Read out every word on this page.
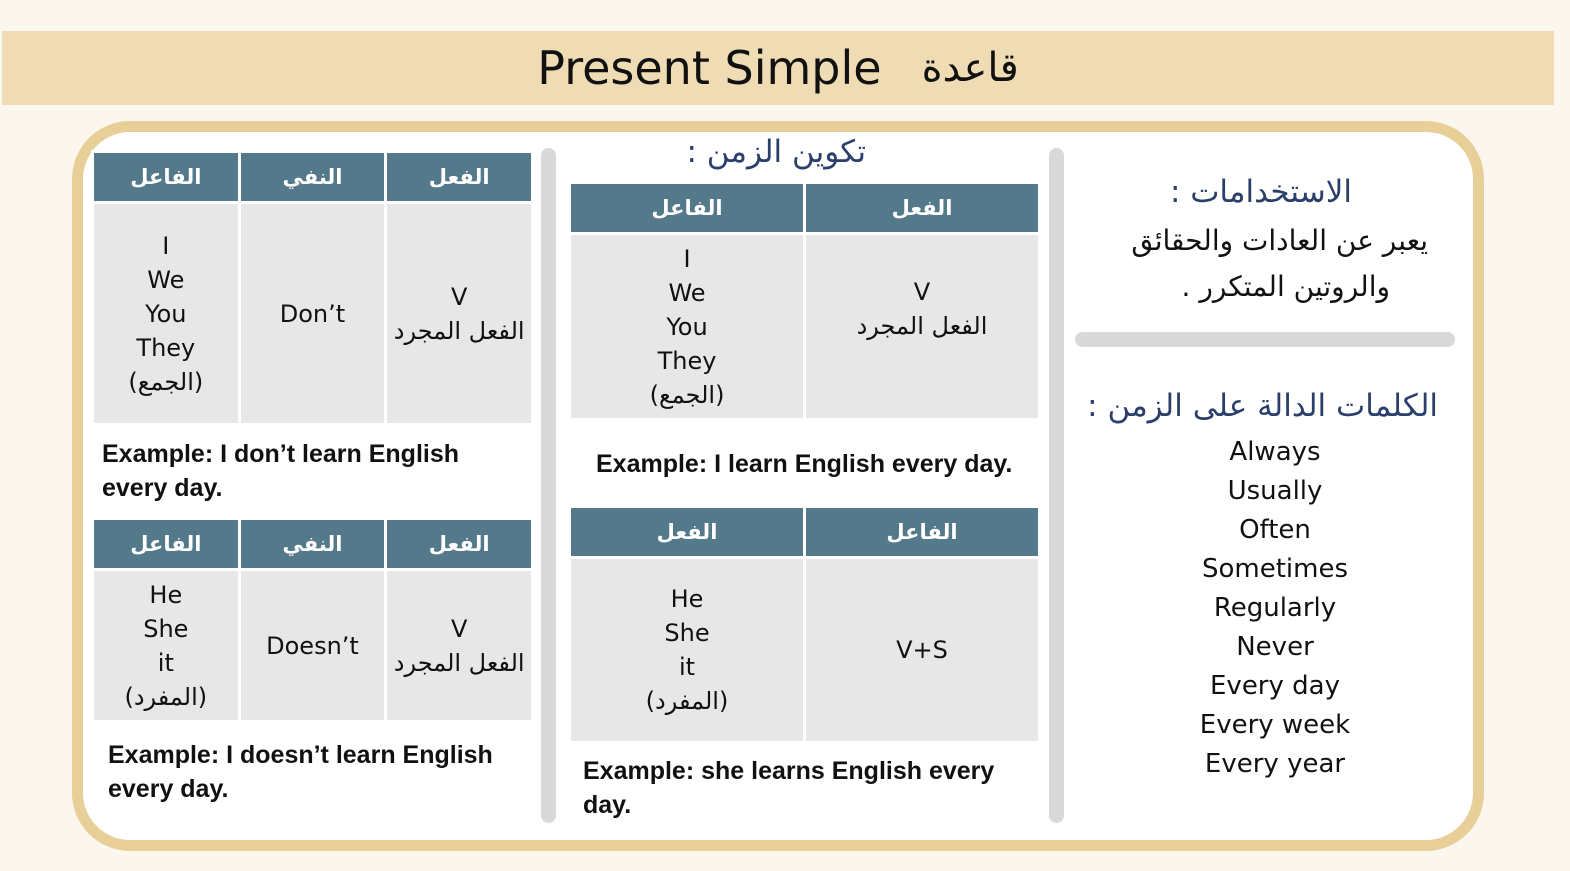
Present Simple قاعدة
الفاعل	النفي	الفعل

I
We
You
They
(الجمع)	Don’t	V
الفعل المجرد
Example: I don’t learn English
every day.
الفاعل	النفي	الفعل

He
She
it
(المفرد)	Doesn’t	V
الفعل المجرد
Example: I doesn’t learn English
every day.
تكوين الزمن :
الفاعل	الفعل

I
We
You
They
(الجمع)	V
الفعل المجرد
Example: I learn English every day.
الفعل	الفاعل

He
She
it
(المفرد)	V+S
Example: she learns English every
day.
الاستخدامات :
يعبر عن العادات والحقائق
والروتين المتكرر .
الكلمات الدالة على الزمن :
Always
Usually
Often
Sometimes
Regularly
Never
Every day
Every week
Every year
